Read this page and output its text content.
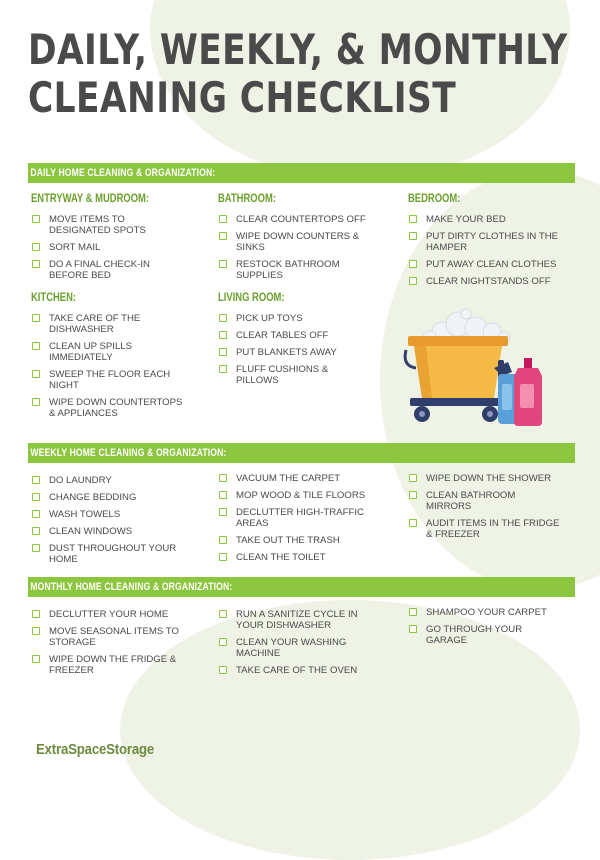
DAILY, WEEKLY, & MONTHLY
CLEANING CHECKLIST
DAILY HOME CLEANING & ORGANIZATION:
ENTRYWAY & MUDROOM:
MOVE ITEMS TO DESIGNATED SPOTS
SORT MAIL
DO A FINAL CHECK-IN BEFORE BED
KITCHEN:
TAKE CARE OF THE DISHWASHER
CLEAN UP SPILLS IMMEDIATELY
SWEEP THE FLOOR EACH NIGHT
WIPE DOWN COUNTERTOPS & APPLIANCES
BATHROOM:
CLEAR COUNTERTOPS OFF
WIPE DOWN COUNTERS & SINKS
RESTOCK BATHROOM SUPPLIES
LIVING ROOM:
PICK UP TOYS
CLEAR TABLES OFF
PUT BLANKETS AWAY
FLUFF CUSHIONS & PILLOWS
BEDROOM:
MAKE YOUR BED
PUT DIRTY CLOTHES IN THE HAMPER
PUT AWAY CLEAN CLOTHES
CLEAR NIGHTSTANDS OFF
WEEKLY HOME CLEANING & ORGANIZATION:
DO LAUNDRY
CHANGE BEDDING
WASH TOWELS
CLEAN WINDOWS
DUST THROUGHOUT YOUR HOME
VACUUM THE CARPET
MOP WOOD & TILE FLOORS
DECLUTTER HIGH-TRAFFIC AREAS
TAKE OUT THE TRASH
CLEAN THE TOILET
WIPE DOWN THE SHOWER
CLEAN BATHROOM MIRRORS
AUDIT ITEMS IN THE FRIDGE & FREEZER
MONTHLY HOME CLEANING & ORGANIZATION:
DECLUTTER YOUR HOME
MOVE SEASONAL ITEMS TO STORAGE
WIPE DOWN THE FRIDGE & FREEZER
RUN A SANITIZE CYCLE IN YOUR DISHWASHER
CLEAN YOUR WASHING MACHINE
TAKE CARE OF THE OVEN
SHAMPOO YOUR CARPET
GO THROUGH YOUR GARAGE
ExtraSpaceStorage
